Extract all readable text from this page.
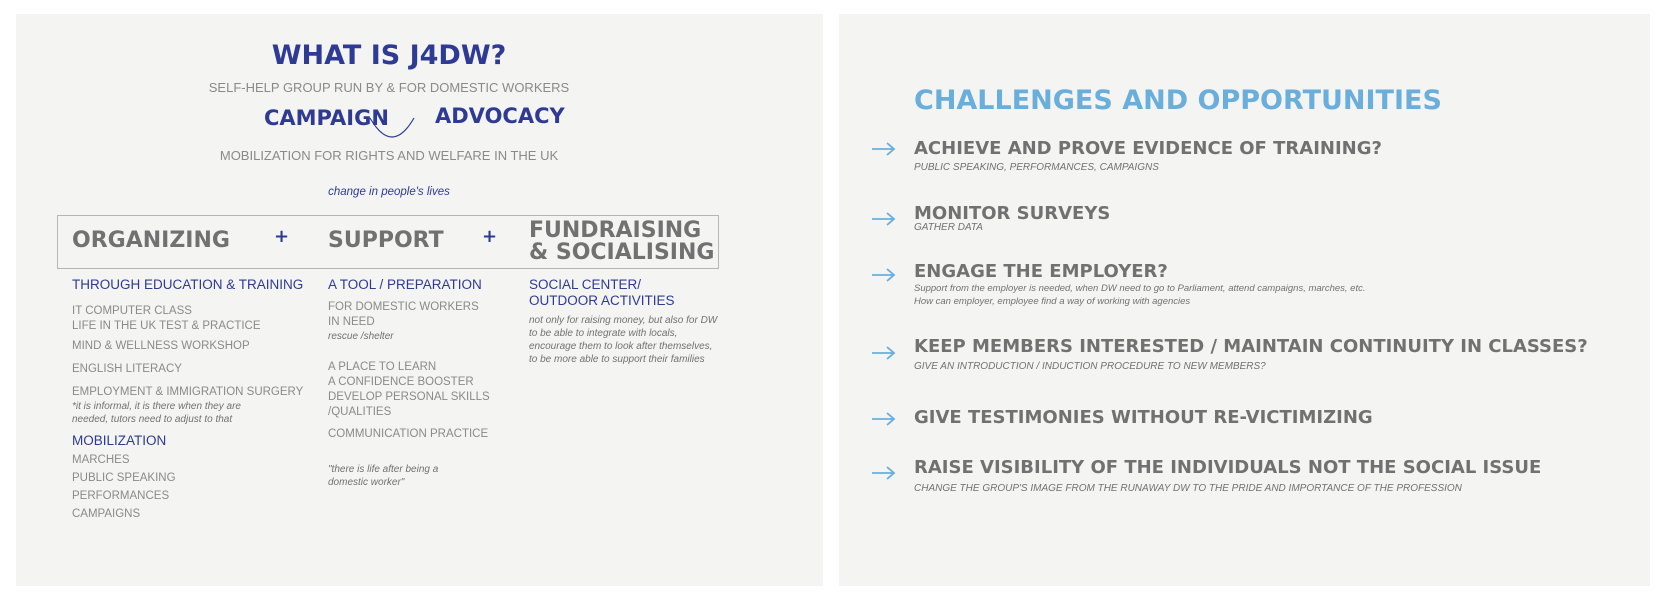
WHAT IS J4DW?
SELF-HELP GROUP RUN BY & FOR DOMESTIC WORKERS
CAMPAIGN ADVOCACY
MOBILIZATION FOR RIGHTS AND WELFARE IN THE UK
change in people's lives
ORGANIZING + SUPPORT + FUNDRAISING
& SOCIALISING
THROUGH EDUCATION & TRAINING
IT COMPUTER CLASS
LIFE IN THE UK TEST & PRACTICE
MIND & WELLNESS WORKSHOP
ENGLISH LITERACY
EMPLOYMENT & IMMIGRATION SURGERY
*it is informal, it is there when they are
needed, tutors need to adjust to that
MOBILIZATION
MARCHES
PUBLIC SPEAKING
PERFORMANCES
CAMPAIGNS
A TOOL / PREPARATION
FOR DOMESTIC WORKERS
IN NEED
rescue /shelter
A PLACE TO LEARN
A CONFIDENCE BOOSTER
DEVELOP PERSONAL SKILLS
/QUALITIES
COMMUNICATION PRACTICE
"there is life after being a
domestic worker"
SOCIAL CENTER/
OUTDOOR ACTIVITIES
not only for raising money, but also for DW
to be able to integrate with locals,
encourage them to look after themselves,
to be more able to support their families
CHALLENGES AND OPPORTUNITIES
ACHIEVE AND PROVE EVIDENCE OF TRAINING?
PUBLIC SPEAKING, PERFORMANCES, CAMPAIGNS
MONITOR SURVEYS
GATHER DATA
ENGAGE THE EMPLOYER?
Support from the employer is needed, when DW need to go to Parliament, attend campaigns, marches, etc.
How can employer, employee find a way of working with agencies
KEEP MEMBERS INTERESTED / MAINTAIN CONTINUITY IN CLASSES?
GIVE AN INTRODUCTION / INDUCTION PROCEDURE TO NEW MEMBERS?
GIVE TESTIMONIES WITHOUT RE-VICTIMIZING
RAISE VISIBILITY OF THE INDIVIDUALS NOT THE SOCIAL ISSUE
CHANGE THE GROUP'S IMAGE FROM THE RUNAWAY DW TO THE PRIDE AND IMPORTANCE OF THE PROFESSION
